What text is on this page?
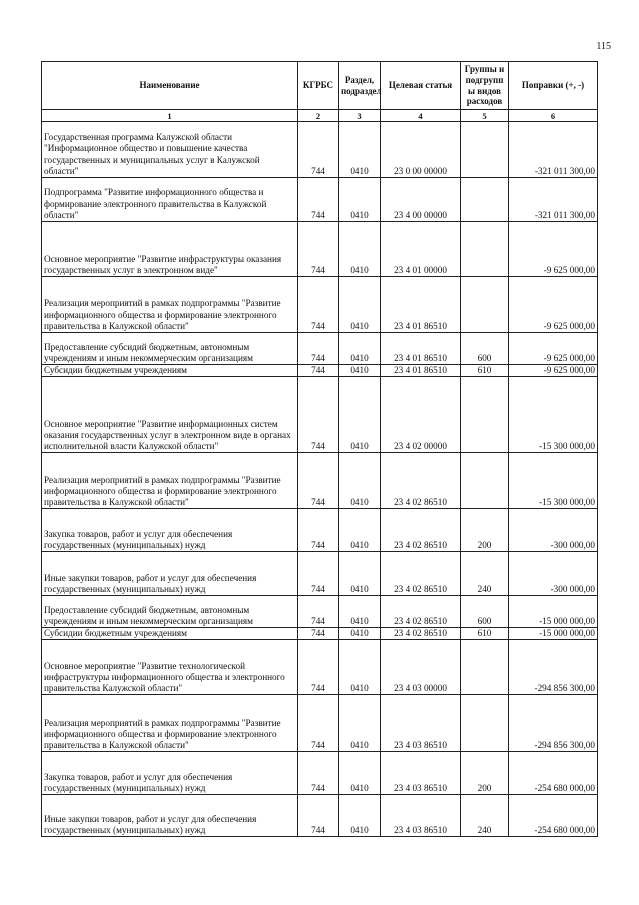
115
Наименование	КГРБС	Раздел, подраздел	Целевая статья	Группы и подгрупп ы видов расходов	Поправки (+, -)
1	2	3	4	5	6
Государственная программа Калужской области "Информационное общество и повышение качества государственных и муниципальных услуг в Калужской области"	744	0410	23 0 00 00000		-321 011 300,00
Подпрограмма "Развитие информационного общества и формирование электронного правительства в Калужской области"	744	0410	23 4 00 00000		-321 011 300,00
Основное мероприятие "Развитие инфраструктуры оказания государственных услуг в электронном виде"	744	0410	23 4 01 00000		-9 625 000,00
Реализация мероприятий в рамках подпрограммы "Развитие информационного общества и формирование электронного правительства в Калужской области"	744	0410	23 4 01 86510		-9 625 000,00
Предоставление субсидий бюджетным, автономным учреждениям и иным некоммерческим организациям	744	0410	23 4 01 86510	600	-9 625 000,00
Субсидии бюджетным учреждениям	744	0410	23 4 01 86510	610	-9 625 000,00
Основное мероприятие "Развитие информационных систем оказания государственных услуг в электронном виде в органах исполнительной власти Калужской области"	744	0410	23 4 02 00000		-15 300 000,00
Реализация мероприятий в рамках подпрограммы "Развитие информационного общества и формирование электронного правительства в Калужской области"	744	0410	23 4 02 86510		-15 300 000,00
Закупка товаров, работ и услуг для обеспечения государственных (муниципальных) нужд	744	0410	23 4 02 86510	200	-300 000,00
Иные закупки товаров, работ и услуг для обеспечения государственных (муниципальных) нужд	744	0410	23 4 02 86510	240	-300 000,00
Предоставление субсидий бюджетным, автономным учреждениям и иным некоммерческим организациям	744	0410	23 4 02 86510	600	-15 000 000,00
Субсидии бюджетным учреждениям	744	0410	23 4 02 86510	610	-15 000 000,00
Основное мероприятие "Развитие технологической инфраструктуры информационного общества и электронного правительства Калужской области"	744	0410	23 4 03 00000		-294 856 300,00
Реализация мероприятий в рамках подпрограммы "Развитие информационного общества и формирование электронного правительства в Калужской области"	744	0410	23 4 03 86510		-294 856 300,00
Закупка товаров, работ и услуг для обеспечения государственных (муниципальных) нужд	744	0410	23 4 03 86510	200	-254 680 000,00
Иные закупки товаров, работ и услуг для обеспечения государственных (муниципальных) нужд	744	0410	23 4 03 86510	240	-254 680 000,00
